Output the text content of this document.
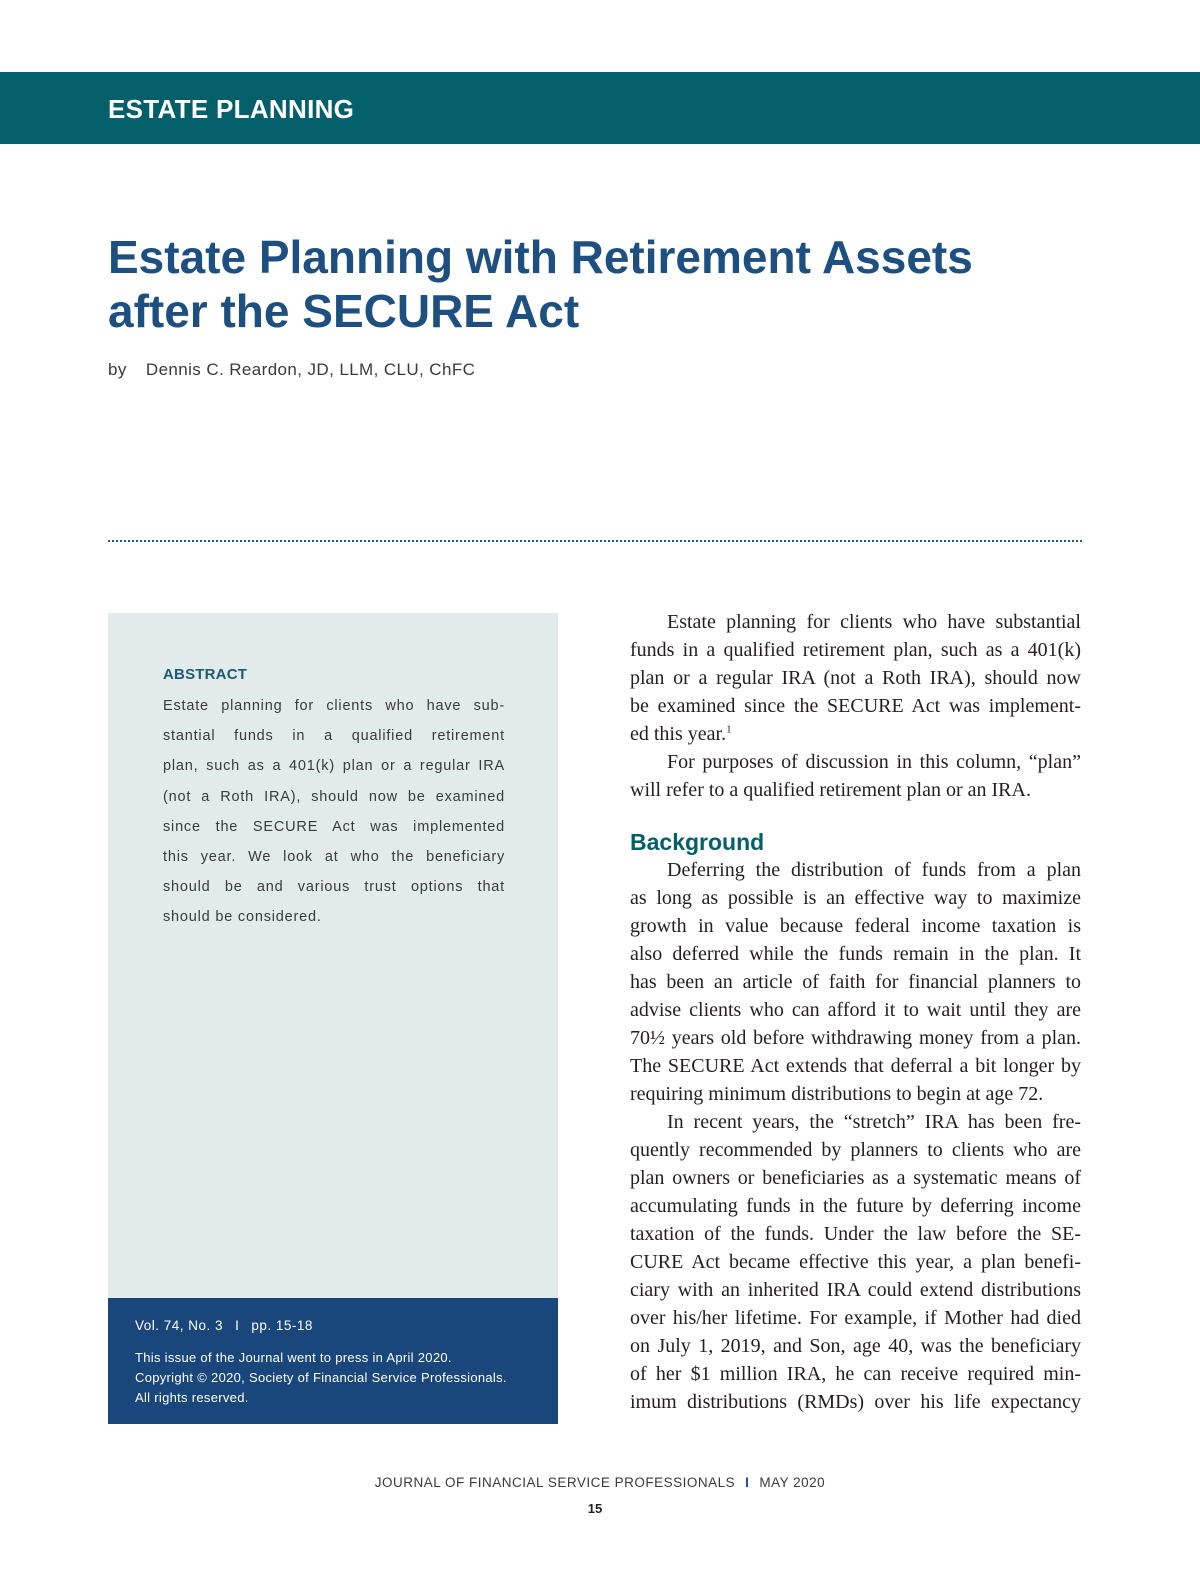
ESTATE PLANNING
Estate Planning with Retirement Assets
after the SECURE Act
by Dennis C. Reardon, JD, LLM, CLU, ChFC
ABSTRACT
Estate planning for clients who have sub-
stantial funds in a qualified retirement
plan, such as a 401(k) plan or a regular IRA
(not a Roth IRA), should now be examined
since the SECURE Act was implemented
this year. We look at who the beneficiary
should be and various trust options that
should be considered.
Vol. 74, No. 3 I pp. 15-18
This issue of the Journal went to press in April 2020.
Copyright © 2020, Society of Financial Service Professionals.
All rights reserved.
Estate planning for clients who have substantial
funds in a qualified retirement plan, such as a 401(k)
plan or a regular IRA (not a Roth IRA), should now
be examined since the SECURE Act was implement-
ed this year.$^1$
For purposes of discussion in this column, “plan”
will refer to a qualified retirement plan or an IRA.
Background
Deferring the distribution of funds from a plan
as long as possible is an effective way to maximize
growth in value because federal income taxation is
also deferred while the funds remain in the plan. It
has been an article of faith for financial planners to
advise clients who can afford it to wait until they are
70½ years old before withdrawing money from a plan.
The SECURE Act extends that deferral a bit longer by
requiring minimum distributions to begin at age 72.
In recent years, the “stretch” IRA has been fre-
quently recommended by planners to clients who are
plan owners or beneficiaries as a systematic means of
accumulating funds in the future by deferring income
taxation of the funds. Under the law before the SE-
CURE Act became effective this year, a plan benefi-
ciary with an inherited IRA could extend distributions
over his/her lifetime. For example, if Mother had died
on July 1, 2019, and Son, age 40, was the beneficiary
of her $1 million IRA, he can receive required min-
imum distributions (RMDs) over his life expectancy
JOURNAL OF FINANCIAL SERVICE PROFESSIONALS I MAY 2020
15
